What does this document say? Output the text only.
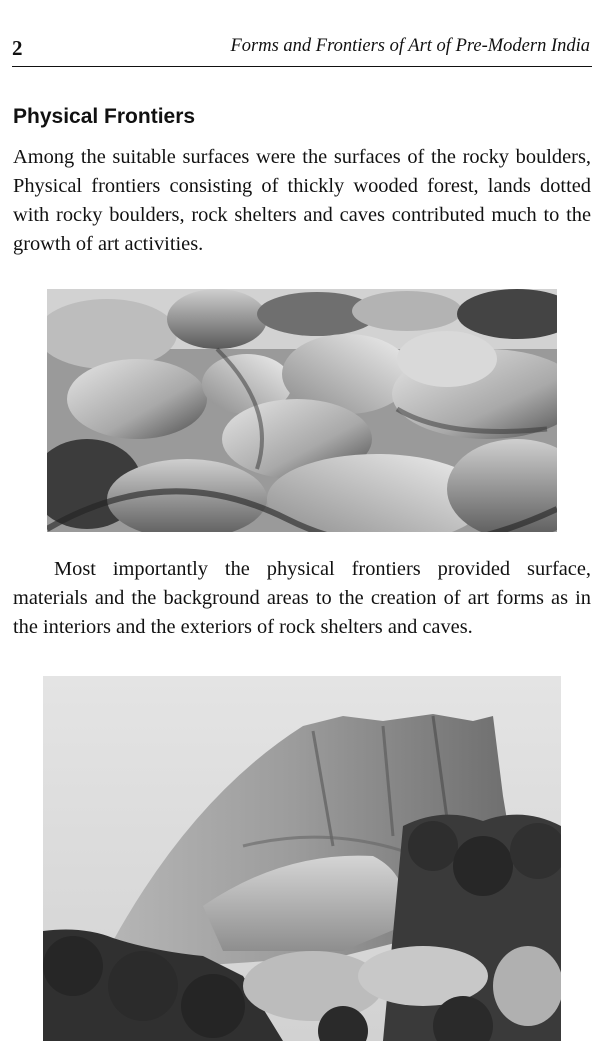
2	Forms and Frontiers of Art of Pre-Modern India
Physical Frontiers

Among the suitable surfaces were the surfaces of the rocky boulders, Physical frontiers consisting of thickly wooded forest, lands dotted with rocky boulders, rock shelters and caves contributed much to the growth of art activities.

Most importantly the physical frontiers provided surface, materials and the background areas to the creation of art forms as in the interiors and the exteriors of rock shelters and caves.
